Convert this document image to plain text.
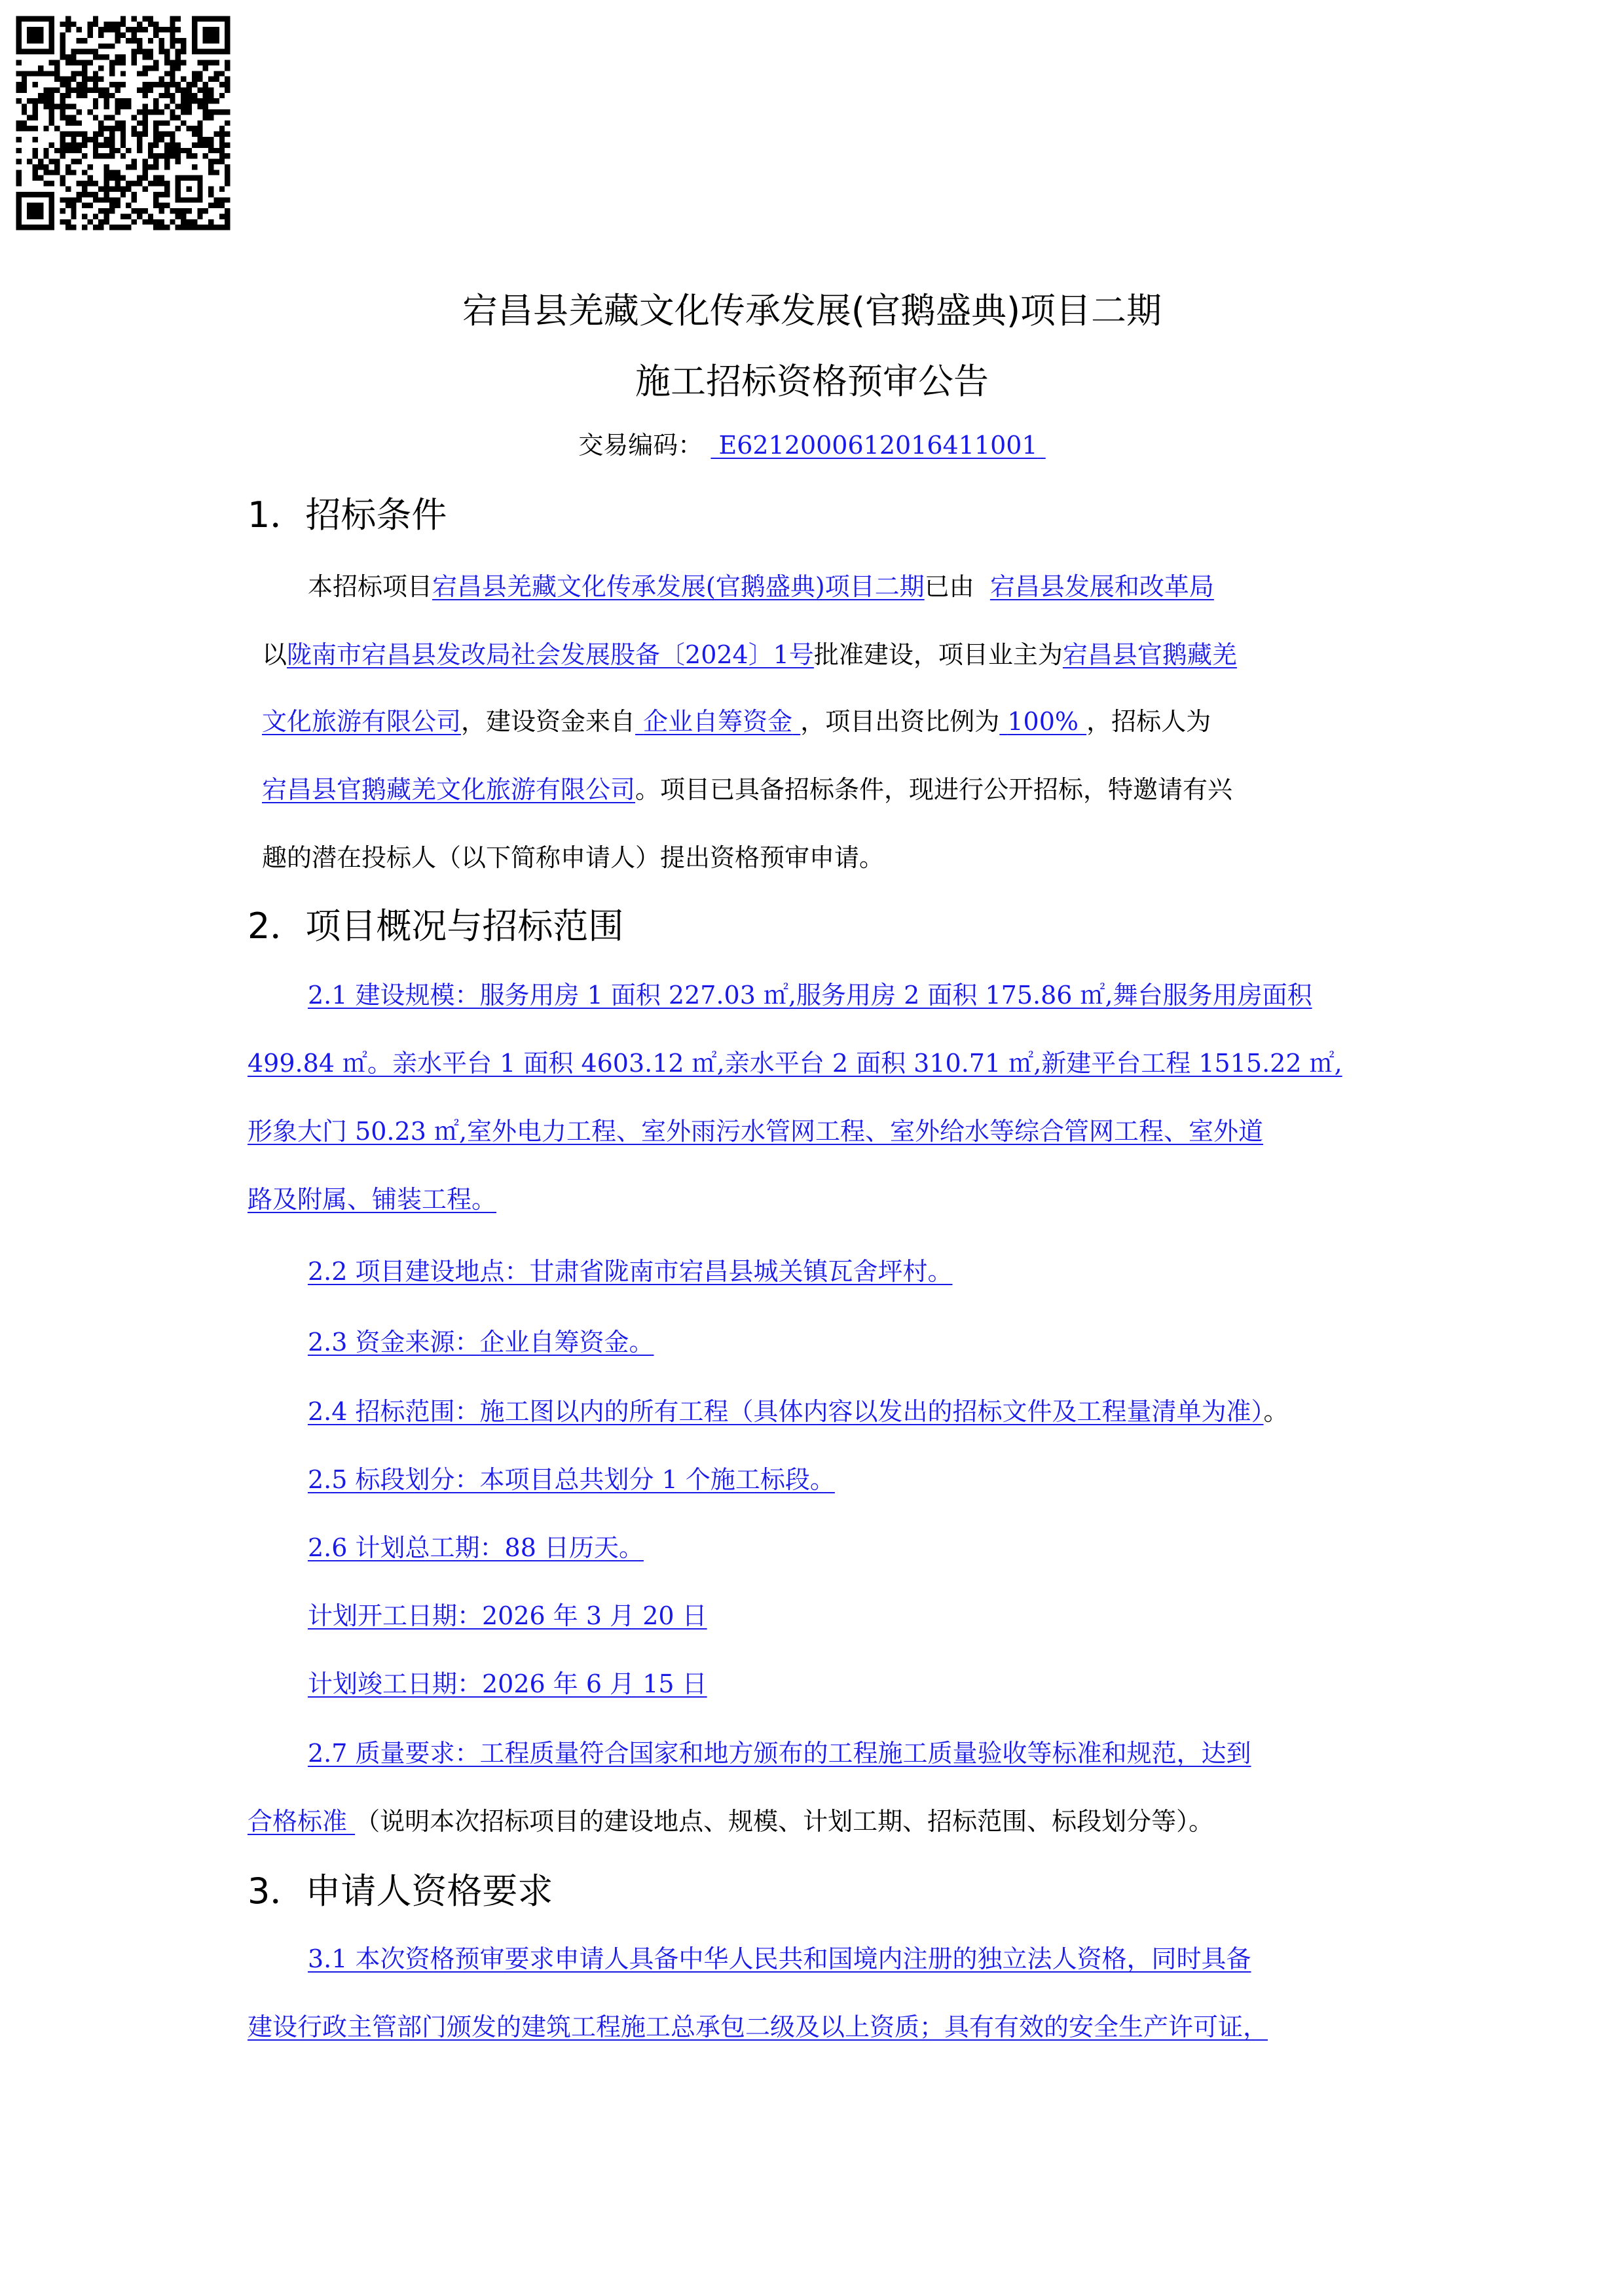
宕昌县羌藏文化传承发展(官鹅盛典)项目二期
施工招标资格预审公告
交易编码： E6212000612016411001
1．招标条件
本招标项目宕昌县羌藏文化传承发展(官鹅盛典)项目二期已由 宕昌县发展和改革局
以陇南市宕昌县发改局社会发展股备〔2024〕1号批准建设，项目业主为宕昌县官鹅藏羌
文化旅游有限公司，建设资金来自 企业自筹资金 ，项目出资比例为 100% ，招标人为
宕昌县官鹅藏羌文化旅游有限公司。项目已具备招标条件，现进行公开招标，特邀请有兴
趣的潜在投标人（以下简称申请人）提出资格预审申请。
2．项目概况与招标范围
2.1 建设规模：服务用房 1 面积 227.03 ㎡,服务用房 2 面积 175.86 ㎡,舞台服务用房面积
499.84 ㎡。亲水平台 1 面积 4603.12 ㎡,亲水平台 2 面积 310.71 ㎡,新建平台工程 1515.22 ㎡,
形象大门 50.23 ㎡,室外电力工程、室外雨污水管网工程、室外给水等综合管网工程、室外道
路及附属、铺装工程。
2.2 项目建设地点：甘肃省陇南市宕昌县城关镇瓦舍坪村。
2.3 资金来源：企业自筹资金。
2.4 招标范围：施工图以内的所有工程（具体内容以发出的招标文件及工程量清单为准）。
2.5 标段划分：本项目总共划分 1 个施工标段。
2.6 计划总工期：88 日历天。
计划开工日期：2026 年 3 月 20 日
计划竣工日期：2026 年 6 月 15 日
2.7 质量要求：工程质量符合国家和地方颁布的工程施工质量验收等标准和规范，达到
合格标准 （说明本次招标项目的建设地点、规模、计划工期、招标范围、标段划分等）。
3．申请人资格要求
3.1 本次资格预审要求申请人具备中华人民共和国境内注册的独立法人资格，同时具备
建设行政主管部门颁发的建筑工程施工总承包二级及以上资质；具有有效的安全生产许可证，
